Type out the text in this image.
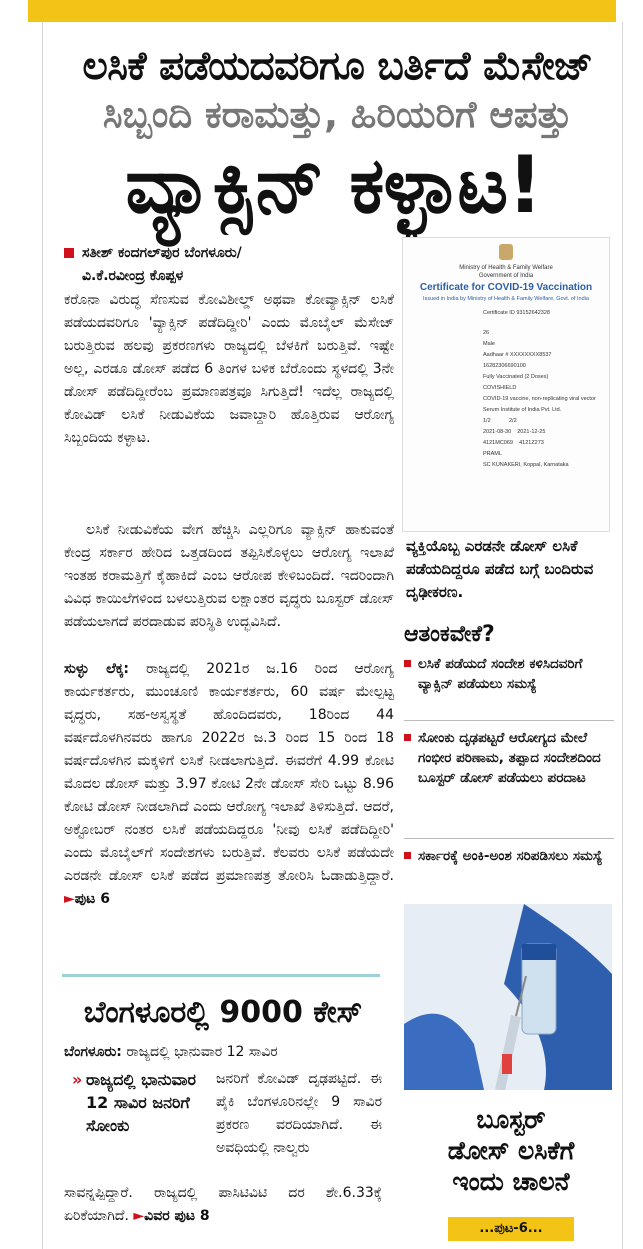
ಲಸಿಕೆ ಪಡೆಯದವರಿಗೂ ಬರ್ತಿದೆ ಮೆಸೇಜ್
ಸಿಬ್ಬಂದಿ ಕರಾಮತ್ತು, ಹಿರಿಯರಿಗೆ ಆಪತ್ತು
ವ್ಯಾಕ್ಸಿನ್ ಕಳ್ಳಾಟ!
ಸತೀಶ್ ಕಂದಗಲ್‌ಪುರ ಬೆಂಗಳೂರು/
ವಿ.ಕೆ.ರವೀಂದ್ರ ಕೊಪ್ಪಳ
ಕರೊನಾ ವಿರುದ್ಧ ಸೆಣಸುವ ಕೋವಿಶೀಲ್ಡ್ ಅಥವಾ ಕೋವ್ಯಾಕ್ಸಿನ್ ಲಸಿಕೆ ಪಡೆಯದವರಿಗೂ 'ವ್ಯಾಕ್ಸಿನ್ ಪಡೆದಿದ್ದೀರಿ' ಎಂದು ಮೊಬೈಲ್ ಮೆಸೇಜ್ ಬರುತ್ತಿರುವ ಹಲವು ಪ್ರಕರಣಗಳು ರಾಜ್ಯದಲ್ಲಿ ಬೆಳಕಿಗೆ ಬರುತ್ತಿವೆ. ಇಷ್ಟೇ ಅಲ್ಲ, ಎರಡೂ ಡೋಸ್ ಪಡೆದ 6 ತಿಂಗಳ ಬಳಿಕ ಬೆರೊಂದು ಸ್ಥಳದಲ್ಲಿ 3ನೇ ಡೋಸ್ ಪಡೆದಿದ್ದೀರೆಂಬ ಪ್ರಮಾಣಪತ್ರವೂ ಸಿಗುತ್ತಿದೆ! ಇದೆಲ್ಲ ರಾಜ್ಯದಲ್ಲಿ ಕೋವಿಡ್ ಲಸಿಕೆ ನೀಡುವಿಕೆಯ ಜವಾಬ್ದಾರಿ ಹೊತ್ತಿರುವ ಆರೋಗ್ಯ ಸಿಬ್ಬಂದಿಯ ಕಳ್ಳಾಟ.
ಲಸಿಕೆ ನೀಡುವಿಕೆಯ ವೇಗ ಹೆಚ್ಚಿಸಿ ಎಲ್ಲರಿಗೂ ವ್ಯಾಕ್ಸಿನ್ ಹಾಕುವಂತೆ ಕೇಂದ್ರ ಸರ್ಕಾರ ಹೇರಿದ ಒತ್ತಡದಿಂದ ತಪ್ಪಿಸಿಕೊಳ್ಳಲು ಆರೋಗ್ಯ ಇಲಾಖೆ ಇಂತಹ ಕರಾಮತ್ತಿಗೆ ಕೈಹಾಕಿದೆ ಎಂಬ ಆರೋಪ ಕೇಳಿಬಂದಿದೆ. ಇದರಿಂದಾಗಿ ವಿವಿಧ ಕಾಯಿಲೆಗಳಿಂದ ಬಳಲುತ್ತಿರುವ ಲಕ್ಷಾಂತರ ವೃದ್ಧರು ಬೂಸ್ಟರ್ ಡೋಸ್ ಪಡೆಯಲಾಗದೆ ಪರದಾಡುವ ಪರಿಸ್ಥಿತಿ ಉದ್ಭವಿಸಿದೆ.
ಸುಳ್ಳು ಲೆಕ್ಕ: ರಾಜ್ಯದಲ್ಲಿ 2021ರ ಜ.16 ರಿಂದ ಆರೋಗ್ಯ ಕಾರ್ಯಕರ್ತರು, ಮುಂಚೂಣಿ ಕಾರ್ಯಕರ್ತರು, 60 ವರ್ಷ ಮೇಲ್ಪಟ್ಟ ವೃದ್ಧರು, ಸಹ-ಅಸ್ವಸ್ಥತೆ ಹೊಂದಿದವರು, 18ರಿಂದ 44 ವರ್ಷದೊಳಗಿನವರು ಹಾಗೂ 2022ರ ಜ.3 ರಿಂದ 15 ರಿಂದ 18 ವರ್ಷದೊಳಗಿನ ಮಕ್ಕಳಿಗೆ ಲಸಿಕೆ ನೀಡಲಾಗುತ್ತಿದೆ. ಈವರೆಗೆ 4.99 ಕೋಟಿ ಮೊದಲ ಡೋಸ್ ಮತ್ತು 3.97 ಕೋಟಿ 2ನೇ ಡೋಸ್ ಸೇರಿ ಒಟ್ಟು 8.96 ಕೋಟಿ ಡೋಸ್ ನೀಡಲಾಗಿದೆ ಎಂದು ಆರೋಗ್ಯ ಇಲಾಖೆ ತಿಳಿಸುತ್ತಿದೆ. ಆದರೆ, ಅಕ್ಟೋಬರ್ ನಂತರ ಲಸಿಕೆ ಪಡೆಯದಿದ್ದರೂ 'ನೀವು ಲಸಿಕೆ ಪಡೆದಿದ್ದೀರಿ' ಎಂದು ಮೊಬೈಲ್‌ಗೆ ಸಂದೇಶಗಳು ಬರುತ್ತಿವೆ. ಕೆಲವರು ಲಸಿಕೆ ಪಡೆಯದೇ ಎರಡನೇ ಡೋಸ್ ಲಸಿಕೆ ಪಡೆದ ಪ್ರಮಾಣಪತ್ರ ತೋರಿಸಿ ಓಡಾಡುತ್ತಿದ್ದಾರೆ. ►ಪುಟ 6
Ministry of Health & Family Welfare
Government of India
Certificate for COVID-19 Vaccination
Issued in India by Ministry of Health & Family Welfare, Govt. of India
Certificate ID 93152642328
26
Male
Aadhaar # XXXXXXXX8537
16282306690100
Fully Vaccinated (2 Doses)
COVISHIELD
COVID-19 vaccine, non-replicating viral vector
Serum Institute of India Pvt. Ltd.
1/2            2/2
2021-08-30    2021-12-25
4121MC069    4121Z273
PRAML
SC KUNAKERI, Koppal, Karnataka
ವ್ಯಕ್ತಿಯೊಬ್ಬ ಎರಡನೇ ಡೋಸ್ ಲಸಿಕೆ ಪಡೆಯದಿದ್ದರೂ ಪಡೆದ ಬಗ್ಗೆ ಬಂದಿರುವ ದೃಢೀಕರಣ.
ಆತಂಕವೇಕೆ?
ಲಸಿಕೆ ಪಡೆಯದೆ ಸಂದೇಶ ಕಳಿಸಿದವರಿಗೆ ವ್ಯಾಕ್ಸಿನ್ ಪಡೆಯಲು ಸಮಸ್ಯೆ
ಸೋಂಕು ದೃಢಪಟ್ಟರೆ ಆರೋಗ್ಯದ ಮೇಲೆ ಗಂಭೀರ ಪರಿಣಾಮ, ತಪ್ಪಾದ ಸಂದೇಶದಿಂದ ಬೂಸ್ಟರ್ ಡೋಸ್ ಪಡೆಯಲು ಪರದಾಟ
ಸರ್ಕಾರಕ್ಕೆ ಅಂಕಿ-ಅಂಶ ಸರಿಪಡಿಸಲು ಸಮಸ್ಯೆ
ಬೂಸ್ಟರ್
ಡೋಸ್ ಲಸಿಕೆಗೆ
ಇಂದು ಚಾಲನೆ
...ಪುಟ-6...
ಬೆಂಗಳೂರಲ್ಲಿ 9000 ಕೇಸ್
ಬೆಂಗಳೂರು: ರಾಜ್ಯದಲ್ಲಿ ಭಾನುವಾರ 12 ಸಾವಿರ
» ರಾಜ್ಯದಲ್ಲಿ ಭಾನುವಾರ 12 ಸಾವಿರ ಜನರಿಗೆ ಸೋಂಕು
ಜನರಿಗೆ ಕೋವಿಡ್ ದೃಢಪಟ್ಟಿದೆ. ಈ ಪೈಕಿ ಬೆಂಗಳೂರಿನಲ್ಲೇ 9 ಸಾವಿರ ಪ್ರಕರಣ ವರದಿಯಾಗಿದೆ. ಈ ಅವಧಿಯಲ್ಲಿ ನಾಲ್ವರು
ಸಾವನ್ನಪ್ಪಿದ್ದಾರೆ. ರಾಜ್ಯದಲ್ಲಿ ಪಾಸಿಟಿವಿಟಿ ದರ ಶೇ.6.33ಕ್ಕೆ ಏರಿಕೆಯಾಗಿದೆ. ►ವಿವರ ಪುಟ 8
